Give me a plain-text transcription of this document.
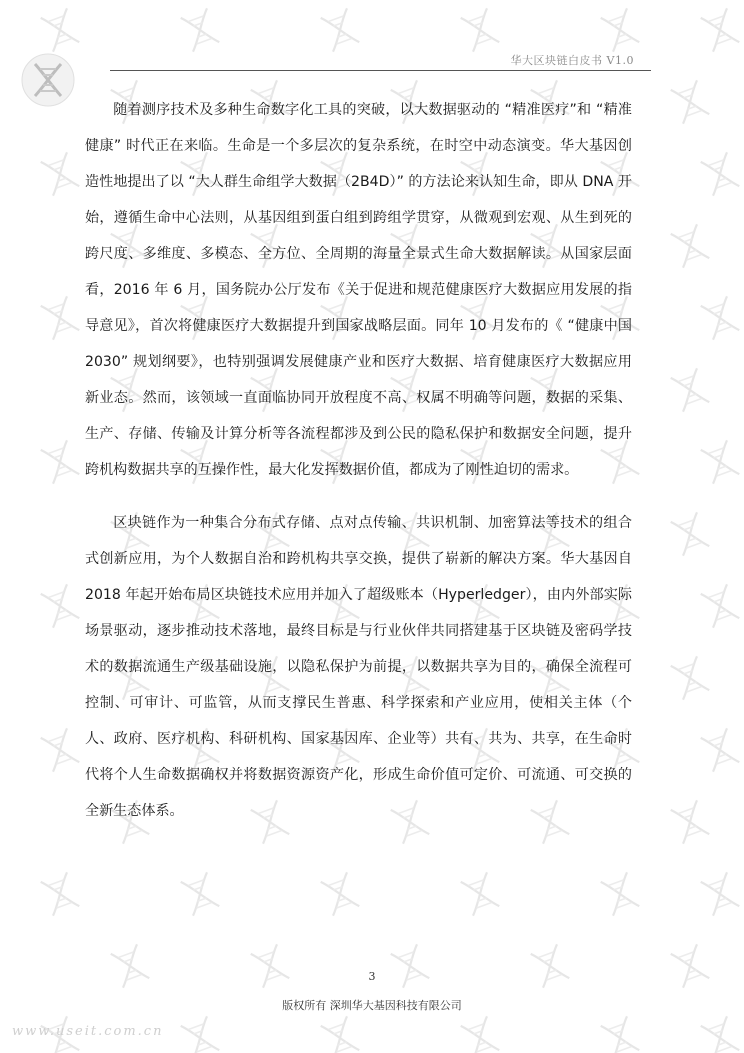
华大区块链白皮书 V1.0

随着测序技术及多种生命数字化工具的突破，以大数据驱动的 “精准医疗”和 “精准健康” 时代正在来临。生命是一个多层次的复杂系统，在时空中动态演变。华大基因创造性地提出了以 “大人群生命组学大数据（2B4D）” 的方法论来认知生命，即从 DNA 开始，遵循生命中心法则，从基因组到蛋白组到跨组学贯穿，从微观到宏观、从生到死的跨尺度、多维度、多模态、全方位、全周期的海量全景式生命大数据解读。从国家层面看，2016 年 6 月，国务院办公厅发布《关于促进和规范健康医疗大数据应用发展的指导意见》，首次将健康医疗大数据提升到国家战略层面。同年 10 月发布的《 “健康中国 2030” 规划纲要》，也特别强调发展健康产业和医疗大数据、培育健康医疗大数据应用新业态。然而，该领域一直面临协同开放程度不高、权属不明确等问题，数据的采集、生产、存储、传输及计算分析等各流程都涉及到公民的隐私保护和数据安全问题，提升跨机构数据共享的互操作性，最大化发挥数据价值，都成为了刚性迫切的需求。

区块链作为一种集合分布式存储、点对点传输、共识机制、加密算法等技术的组合式创新应用，为个人数据自治和跨机构共享交换，提供了崭新的解决方案。华大基因自 2018 年起开始布局区块链技术应用并加入了超级账本（Hyperledger），由内外部实际场景驱动，逐步推动技术落地，最终目标是与行业伙伴共同搭建基于区块链及密码学技术的数据流通生产级基础设施，以隐私保护为前提，以数据共享为目的，确保全流程可控制、可审计、可监管，从而支撑民生普惠、科学探索和产业应用，使相关主体（个人、政府、医疗机构、科研机构、国家基因库、企业等）共有、共为、共享，在生命时代将个人生命数据确权并将数据资源资产化，形成生命价值可定价、可流通、可交换的全新生态体系。

3
版权所有 深圳华大基因科技有限公司
www.useit.com.cn
